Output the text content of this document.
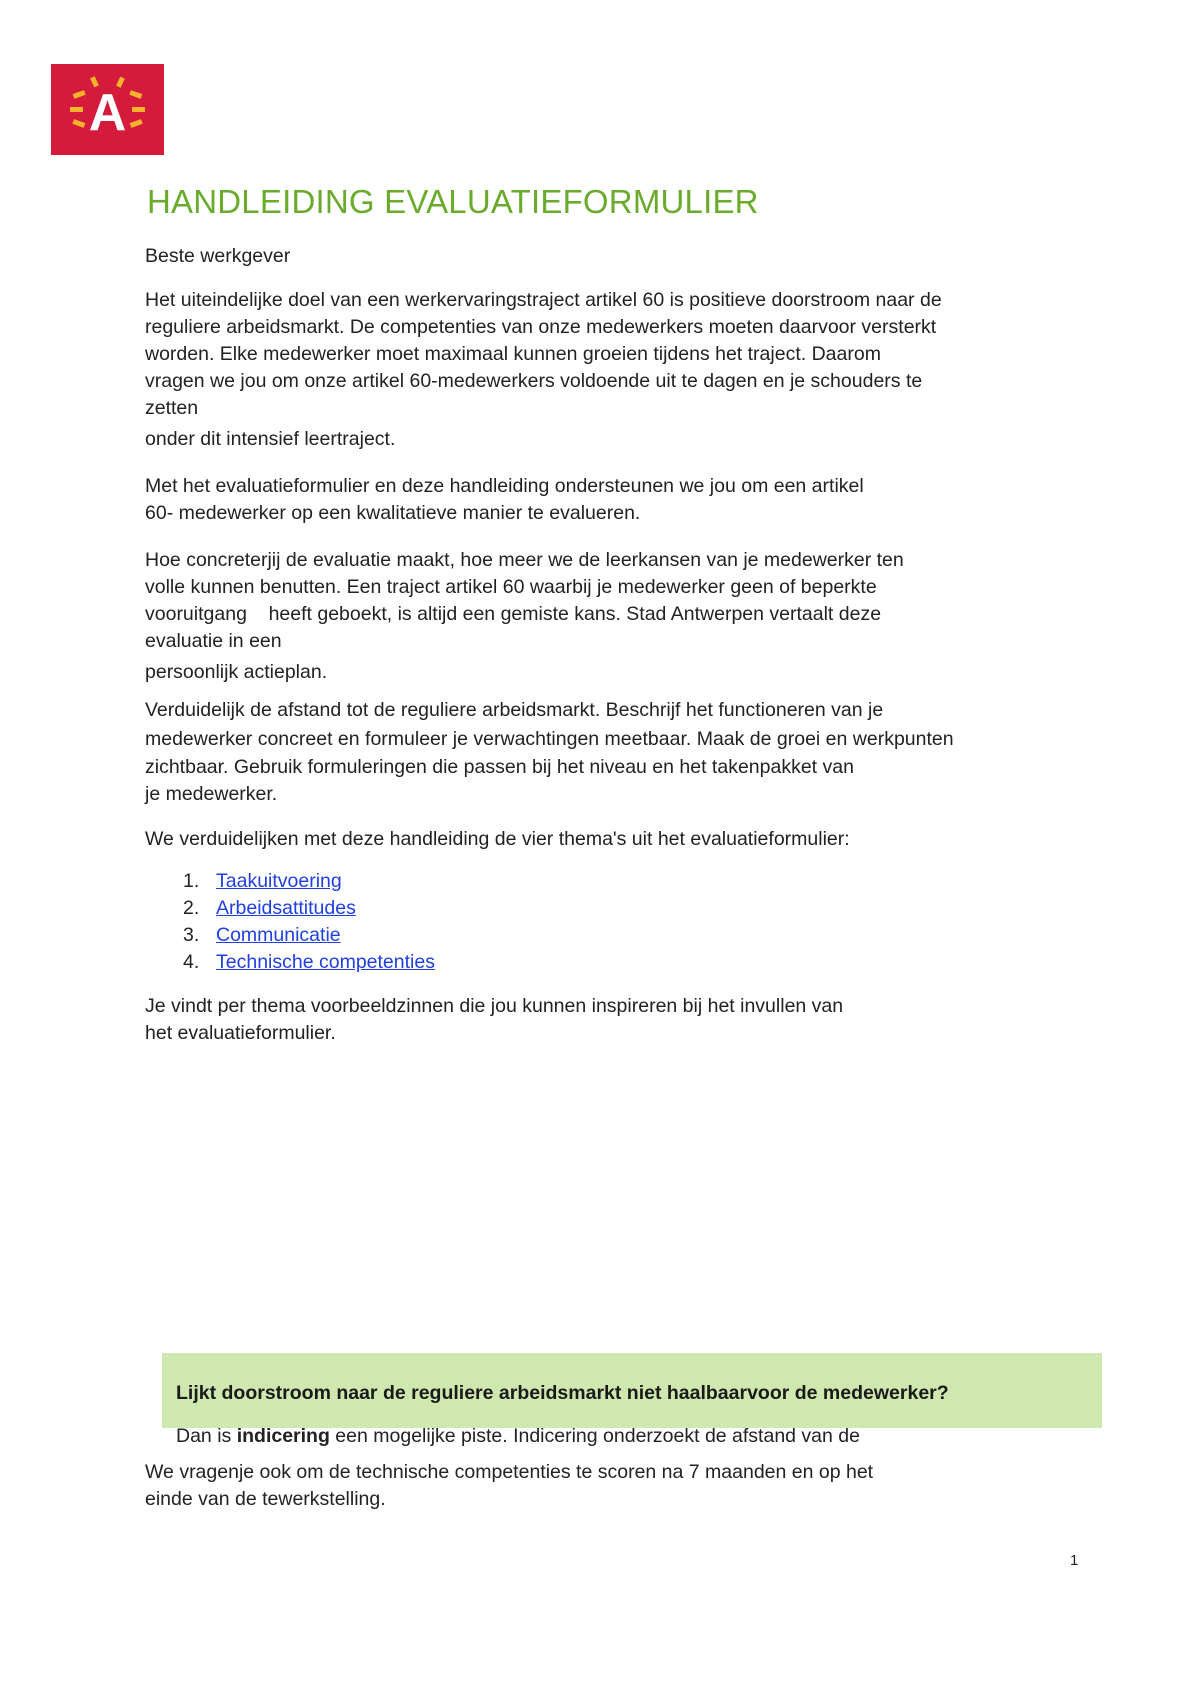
A
HANDLEIDING EVALUATIEFORMULIER

Beste werkgever

Het uiteindelijke doel van een werkervaringstraject artikel 60 is positieve doorstroom naar de
reguliere arbeidsmarkt. De competenties van onze medewerkers moeten daarvoor versterkt
worden. Elke medewerker moet maximaal kunnen groeien tijdens het traject. Daarom
vragen we jou om onze artikel 60-medewerkers voldoende uit te dagen en je schouders te
zetten
onder dit intensief leertraject.

Met het evaluatieformulier en deze handleiding ondersteunen we jou om een artikel
60- medewerker op een kwalitatieve manier te evalueren.

Hoe concreterjij de evaluatie maakt, hoe meer we de leerkansen van je medewerker ten
volle kunnen benutten. Een traject artikel 60 waarbij je medewerker geen of beperkte
vooruitgang    heeft geboekt, is altijd een gemiste kans. Stad Antwerpen vertaalt deze
evaluatie in een
persoonlijk actieplan.

Verduidelijk de afstand tot de reguliere arbeidsmarkt. Beschrijf het functioneren van je
medewerker concreet en formuleer je verwachtingen meetbaar. Maak de groei en werkpunten
zichtbaar. Gebruik formuleringen die passen bij het niveau en het takenpakket van
je medewerker.

We verduidelijken met deze handleiding de vier thema's uit het evaluatieformulier:

1. Taakuitvoering
2. Arbeidsattitudes
3. Communicatie
4. Technische competenties

Je vindt per thema voorbeeldzinnen die jou kunnen inspireren bij het invullen van
het evaluatieformulier.

Lijkt doorstroom naar de reguliere arbeidsmarkt niet haalbaarvoor de medewerker?

Dan is indicering een mogelijke piste. Indicering onderzoekt de afstand van de

We vragenje ook om de technische competenties te scoren na 7 maanden en op het
einde van de tewerkstelling.

1
